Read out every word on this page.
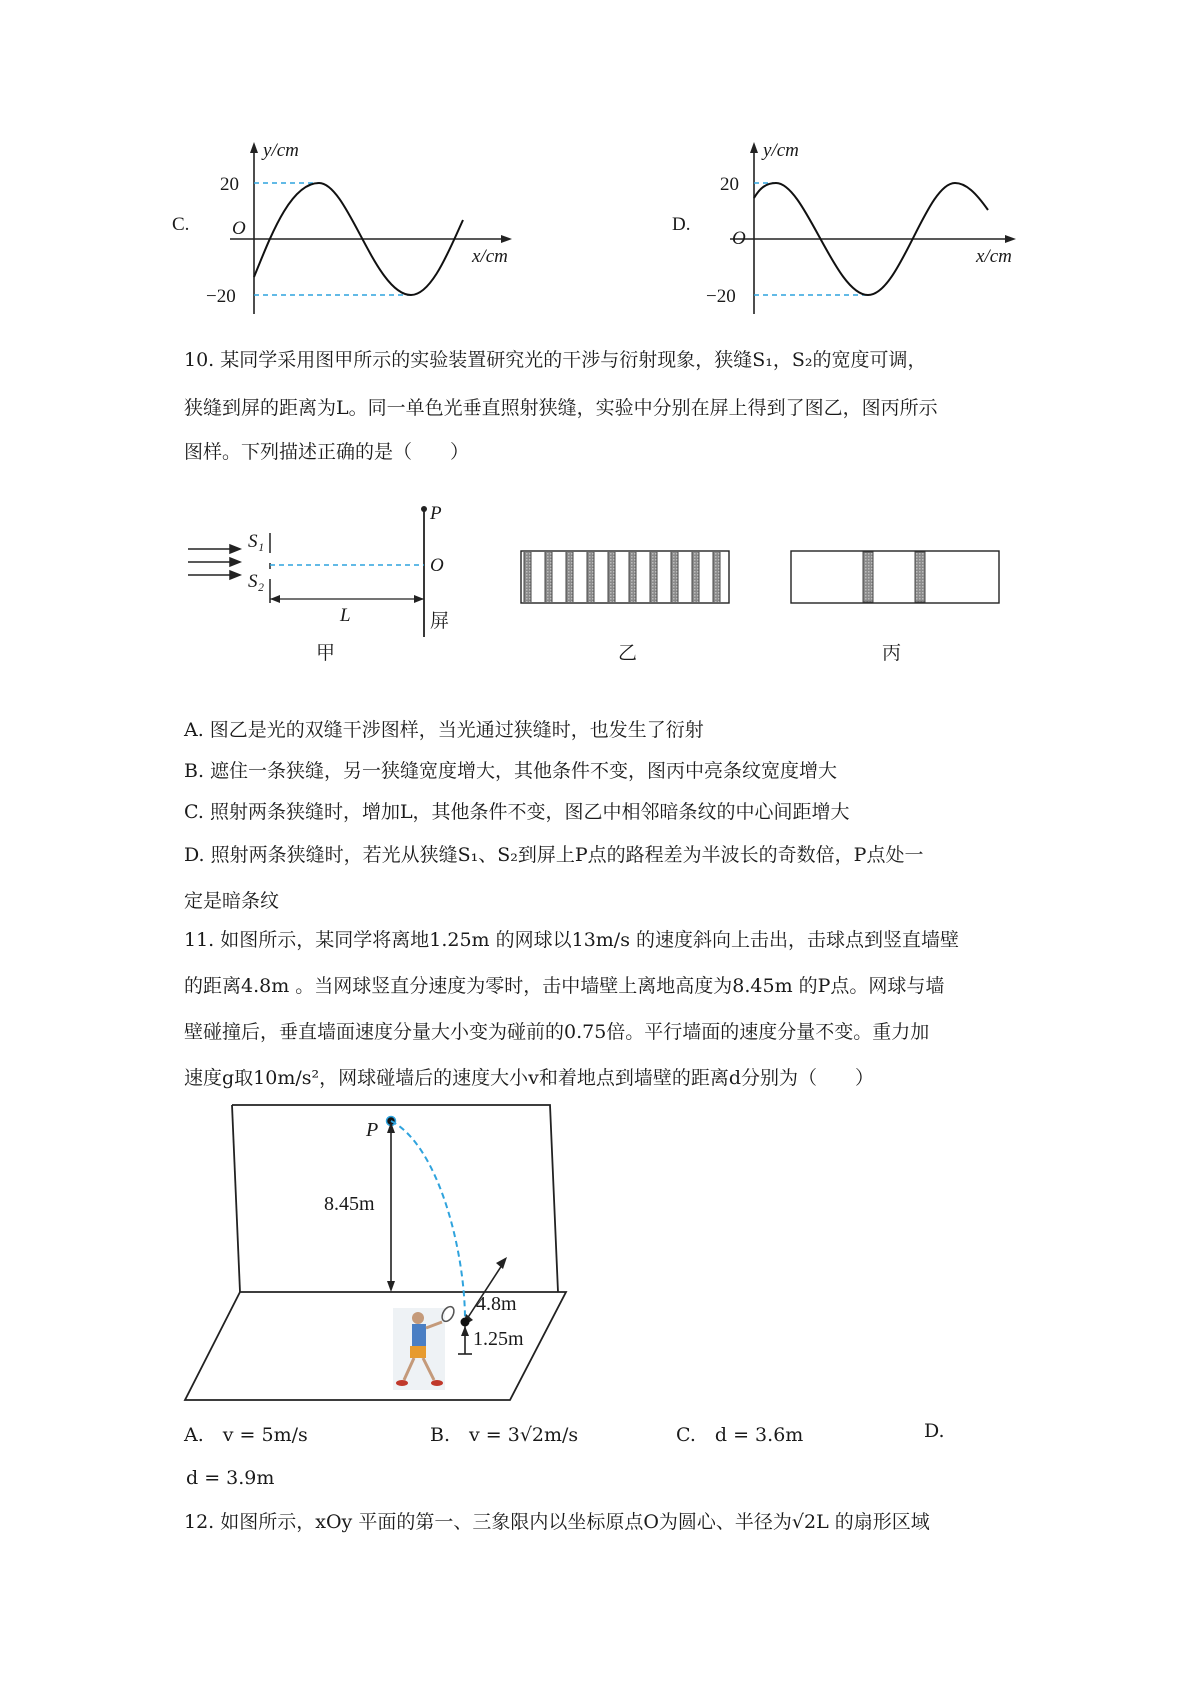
C.
y/cm
x/cm
O
20
−20
D.
y/cm
x/cm
O
20
−20
10. 某同学采用图甲所示的实验装置研究光的干涉与衍射现象，狭缝S₁，S₂的宽度可调，
狭缝到屏的距离为L。同一单色光垂直照射狭缝，实验中分别在屏上得到了图乙，图丙所示
图样。下列描述正确的是（　　）
S₁
S₂
P
O
L	屏
甲	乙	丙
A. 图乙是光的双缝干涉图样，当光通过狭缝时，也发生了衍射
B. 遮住一条狭缝，另一狭缝宽度增大，其他条件不变，图丙中亮条纹宽度增大
C. 照射两条狭缝时，增加L，其他条件不变，图乙中相邻暗条纹的中心间距增大
D. 照射两条狭缝时，若光从狭缝S₁、S₂到屏上P点的路程差为半波长的奇数倍，P点处一
定是暗条纹
11. 如图所示，某同学将离地1.25m 的网球以13m/s 的速度斜向上击出，击球点到竖直墙壁
的距离4.8m 。当网球竖直分速度为零时，击中墙壁上离地高度为8.45m 的P点。网球与墙
壁碰撞后，垂直墙面速度分量大小变为碰前的0.75倍。平行墙面的速度分量不变。重力加
速度g取10m/s²，网球碰墙后的速度大小v和着地点到墙壁的距离d分别为（　　）
P
8.45m
4.8m
1.25m
A.　v = 5m/s	B.　v = 3√2m/s	C.　d = 3.6m	D.
d = 3.9m
12. 如图所示，xOy 平面的第一、三象限内以坐标原点O为圆心、半径为√2L 的扇形区域
